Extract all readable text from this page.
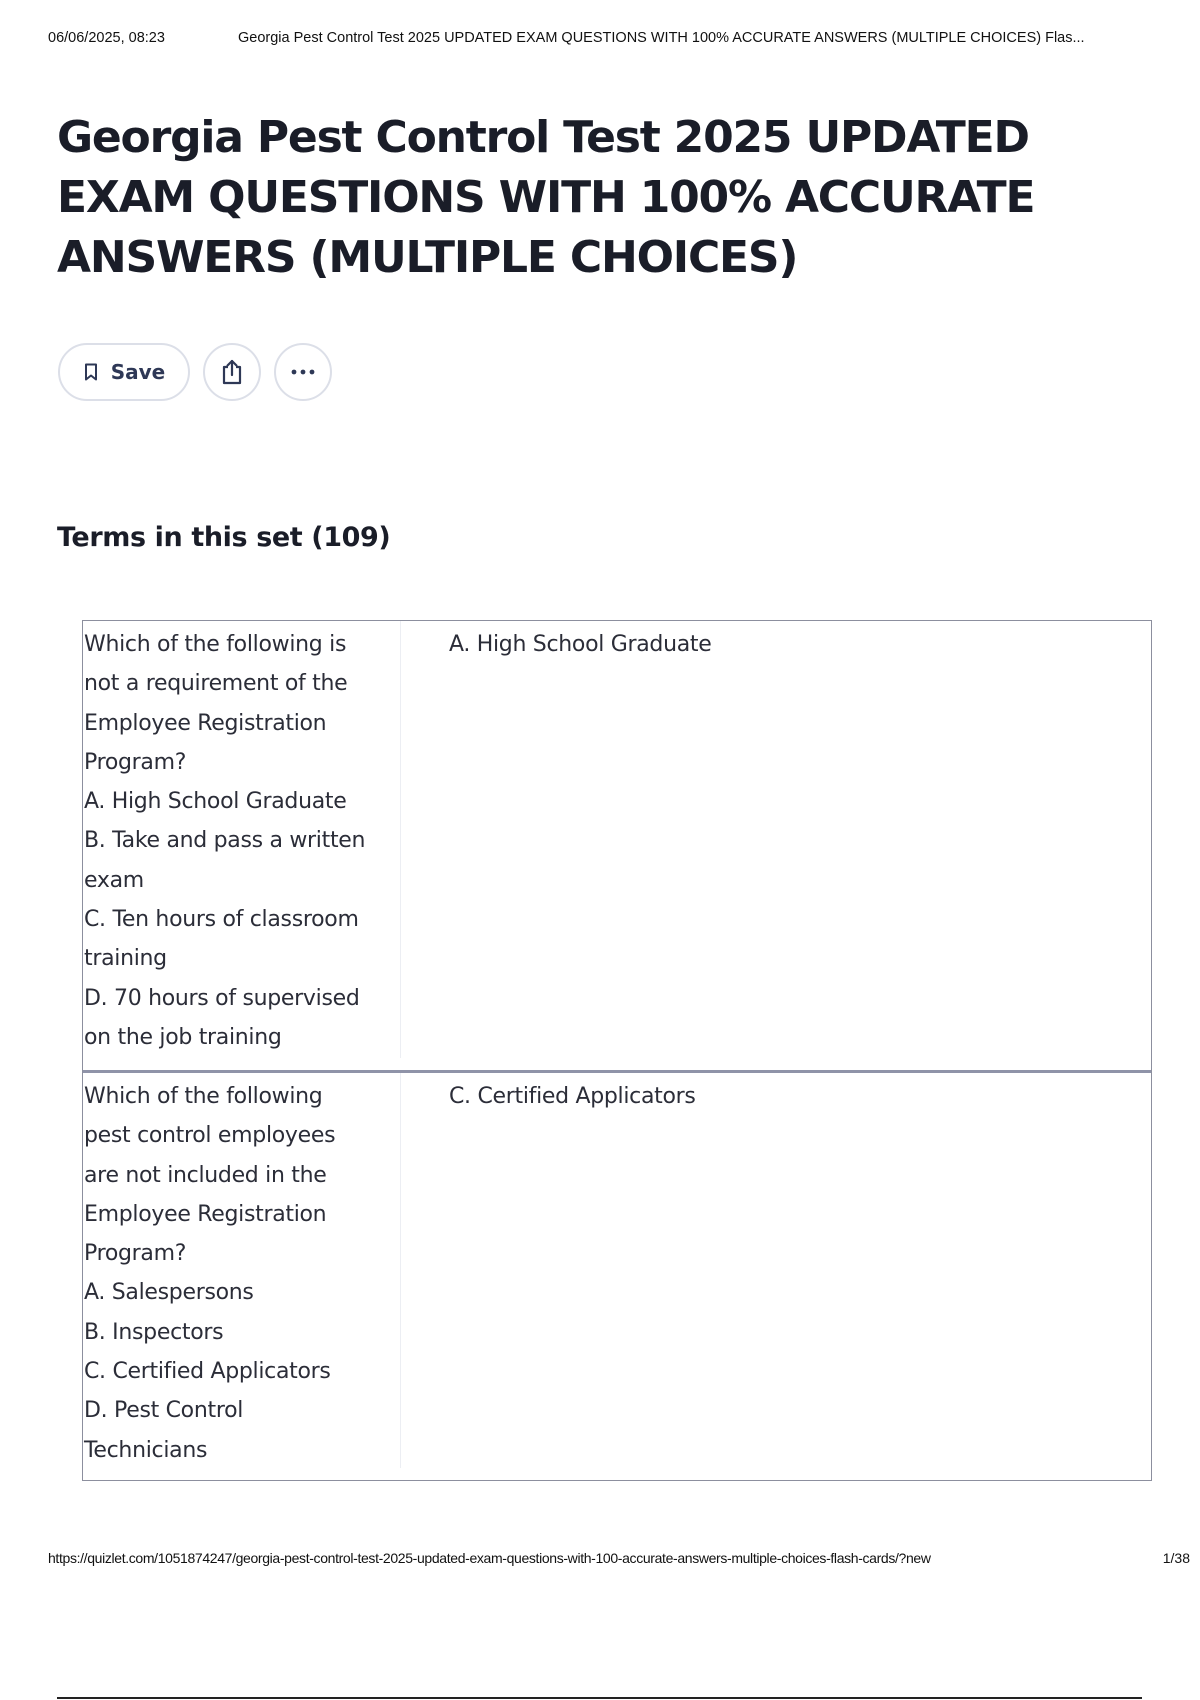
06/06/2025, 08:23	Georgia Pest Control Test 2025 UPDATED EXAM QUESTIONS WITH 100% ACCURATE ANSWERS (MULTIPLE CHOICES) Flas...
Georgia Pest Control Test 2025 UPDATED EXAM QUESTIONS WITH 100% ACCURATE ANSWERS (MULTIPLE CHOICES)
Save
Terms in this set (109)
Which of the following is
not a requirement of the
Employee Registration
Program?
A. High School Graduate
B. Take and pass a written
exam
C. Ten hours of classroom
training
D. 70 hours of supervised
on the job training
A. High School Graduate
Which of the following
pest control employees
are not included in the
Employee Registration
Program?
A. Salespersons
B. Inspectors
C. Certified Applicators
D. Pest Control
Technicians
C. Certified Applicators
https://quizlet.com/1051874247/georgia-pest-control-test-2025-updated-exam-questions-with-100-accurate-answers-multiple-choices-flash-cards/?new	1/38
